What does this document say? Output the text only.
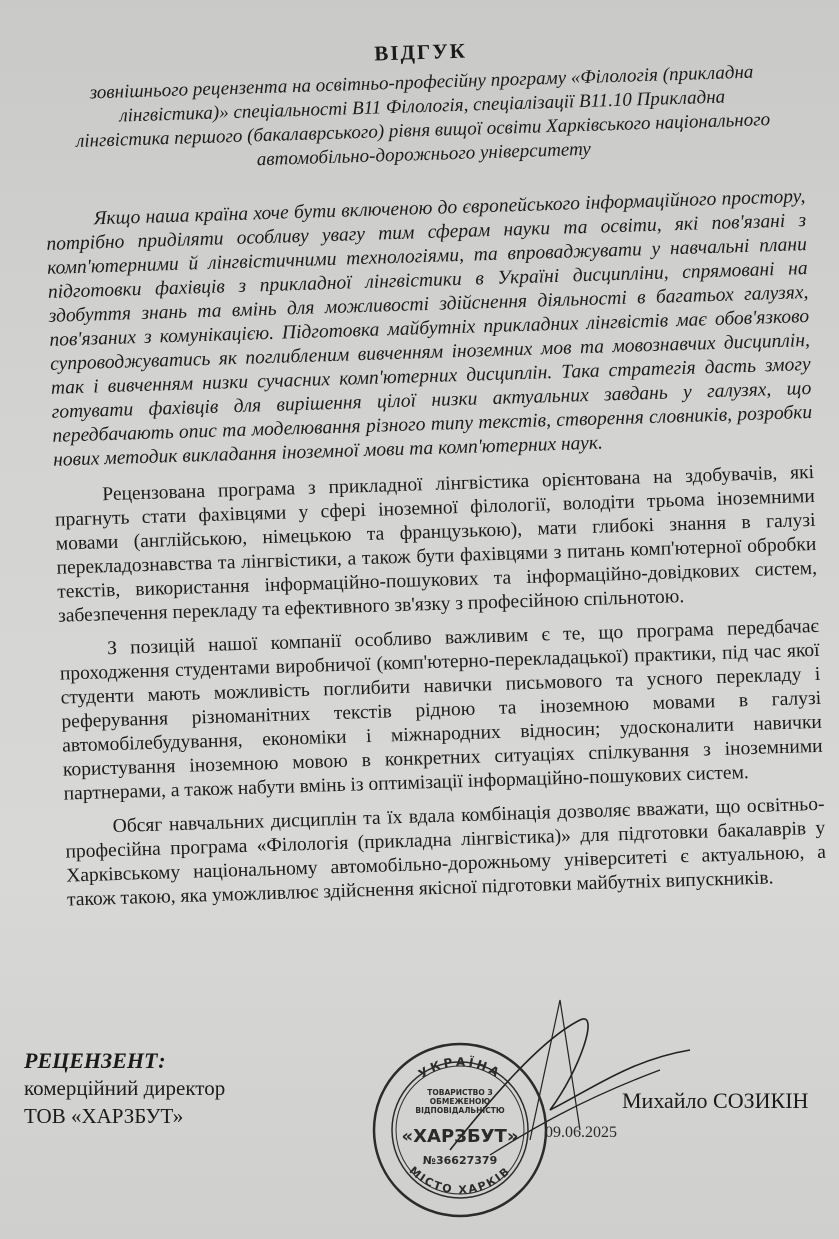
ВІДГУК
зовнішнього рецензента на освітньо-професійну програму «Філологія (прикладна лінгвістика)» спеціальності В11 Філологія, спеціалізації В11.10 Прикладна лінгвістика першого (бакалаврського) рівня вищої освіти Харківського національного автомобільно-дорожнього університету

Якщо наша країна хоче бути включеною до європейського інформаційного простору, потрібно приділяти особливу увагу тим сферам науки та освіти, які пов'язані з комп'ютерними й лінгвістичними технологіями, та впроваджувати у навчальні плани підготовки фахівців з прикладної лінгвістики в Україні дисципліни, спрямовані на здобуття знань та вмінь для можливості здійснення діяльності в багатьох галузях, пов'язаних з комунікацією. Підготовка майбутніх прикладних лінгвістів має обов'язково супроводжуватись як поглибленим вивченням іноземних мов та мовознавчих дисциплін, так і вивченням низки сучасних комп'ютерних дисциплін. Така стратегія дасть змогу готувати фахівців для вирішення цілої низки актуальних завдань у галузях, що передбачають опис та моделювання різного типу текстів, створення словників, розробки нових методик викладання іноземної мови та комп'ютерних наук.

Рецензована програма з прикладної лінгвістика орієнтована на здобувачів, які прагнуть стати фахівцями у сфері іноземної філології, володіти трьома іноземними мовами (англійською, німецькою та французькою), мати глибокі знання в галузі перекладознавства та лінгвістики, а також бути фахівцями з питань комп'ютерної обробки текстів, використання інформаційно-пошукових та інформаційно-довідкових систем, забезпечення перекладу та ефективного зв'язку з професійною спільнотою.

З позицій нашої компанії особливо важливим є те, що програма передбачає проходження студентами виробничої (комп'ютерно-перекладацької) практики, під час якої студенти мають можливість поглибити навички письмового та усного перекладу і реферування різноманітних текстів рідною та іноземною мовами в галузі автомобілебудування, економіки і міжнародних відносин; удосконалити навички користування іноземною мовою в конкретних ситуаціях спілкування з іноземними партнерами, а також набути вмінь із оптимізації інформаційно-пошукових систем.

Обсяг навчальних дисциплін та їх вдала комбінація дозволяє вважати, що освітньо-професійна програма «Філологія (прикладна лінгвістика)» для підготовки бакалаврів у Харківському національному автомобільно-дорожньому університеті є актуальною, а також такою, яка уможливлює здійснення якісної підготовки майбутніх випускників.

РЕЦЕНЗЕНТ:
комерційний директор
ТОВ «ХАРЗБУТ»
УКРАЇНА
МІСТО ХАРКІВ
ТОВАРИСТВО З ОБМЕЖЕНОЮ ВІДПОВІДАЛЬНІСТЮ
«ХАРЗБУТ»
№36627379
Михайло СОЗИКІН
09.06.2025
